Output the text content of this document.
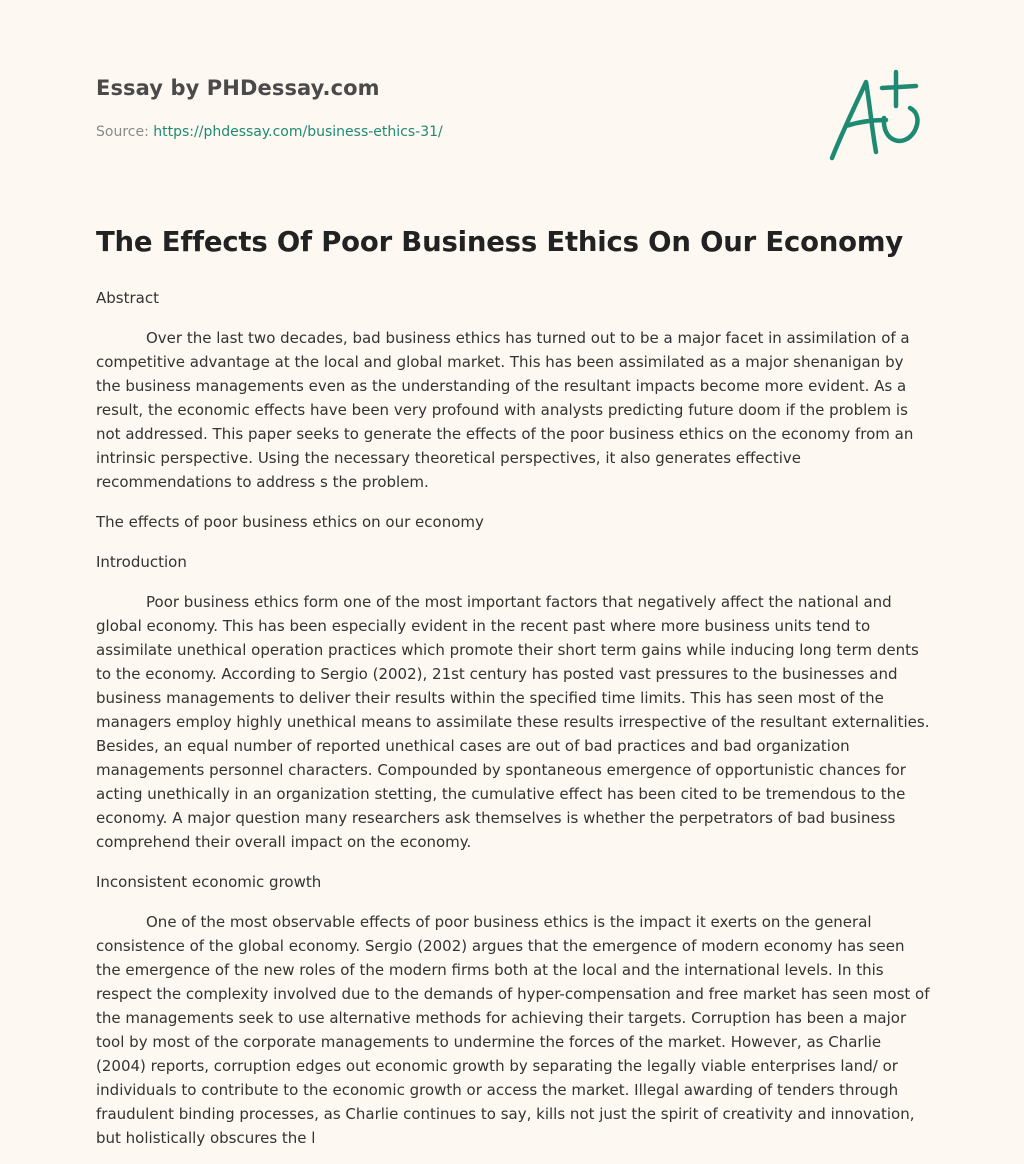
Essay by PHDessay.com
Source: https://phdessay.com/business-ethics-31/
The Effects Of Poor Business Ethics On Our Economy

Abstract

Over the last two decades, bad business ethics has turned out to be a major facet in assimilation of a competitive advantage at the local and global market. This has been assimilated as a major shenanigan by the business managements even as the understanding of the resultant impacts become more evident. As a result, the economic effects have been very profound with analysts predicting future doom if the problem is not addressed. This paper seeks to generate the effects of the poor business ethics on the economy from an intrinsic perspective. Using the necessary theoretical perspectives, it also generates effective recommendations to address s the problem.

The effects of poor business ethics on our economy

Introduction

Poor business ethics form one of the most important factors that negatively affect the national and global economy. This has been especially evident in the recent past where more business units tend to assimilate unethical operation practices which promote their short term gains while inducing long term dents to the economy. According to Sergio (2002), 21st century has posted vast pressures to the businesses and business managements to deliver their results within the specified time limits. This has seen most of the managers employ highly unethical means to assimilate these results irrespective of the resultant externalities. Besides, an equal number of reported unethical cases are out of bad practices and bad organization managements personnel characters. Compounded by spontaneous emergence of opportunistic chances for acting unethically in an organization stetting, the cumulative effect has been cited to be tremendous to the economy. A major question many researchers ask themselves is whether the perpetrators of bad business comprehend their overall impact on the economy.

Inconsistent economic growth

One of the most observable effects of poor business ethics is the impact it exerts on the general consistence of the global economy. Sergio (2002) argues that the emergence of modern economy has seen the emergence of the new roles of the modern firms both at the local and the international levels. In this respect the complexity involved due to the demands of hyper-compensation and free market has seen most of the managements seek to use alternative methods for achieving their targets. Corruption has been a major tool by most of the corporate managements to undermine the forces of the market. However, as Charlie (2004) reports, corruption edges out economic growth by separating the legally viable enterprises land/ or individuals to contribute to the economic growth or access the market. Illegal awarding of tenders through fraudulent binding processes, as Charlie continues to say, kills not just the spirit of creativity and innovation, but holistically obscures the l
